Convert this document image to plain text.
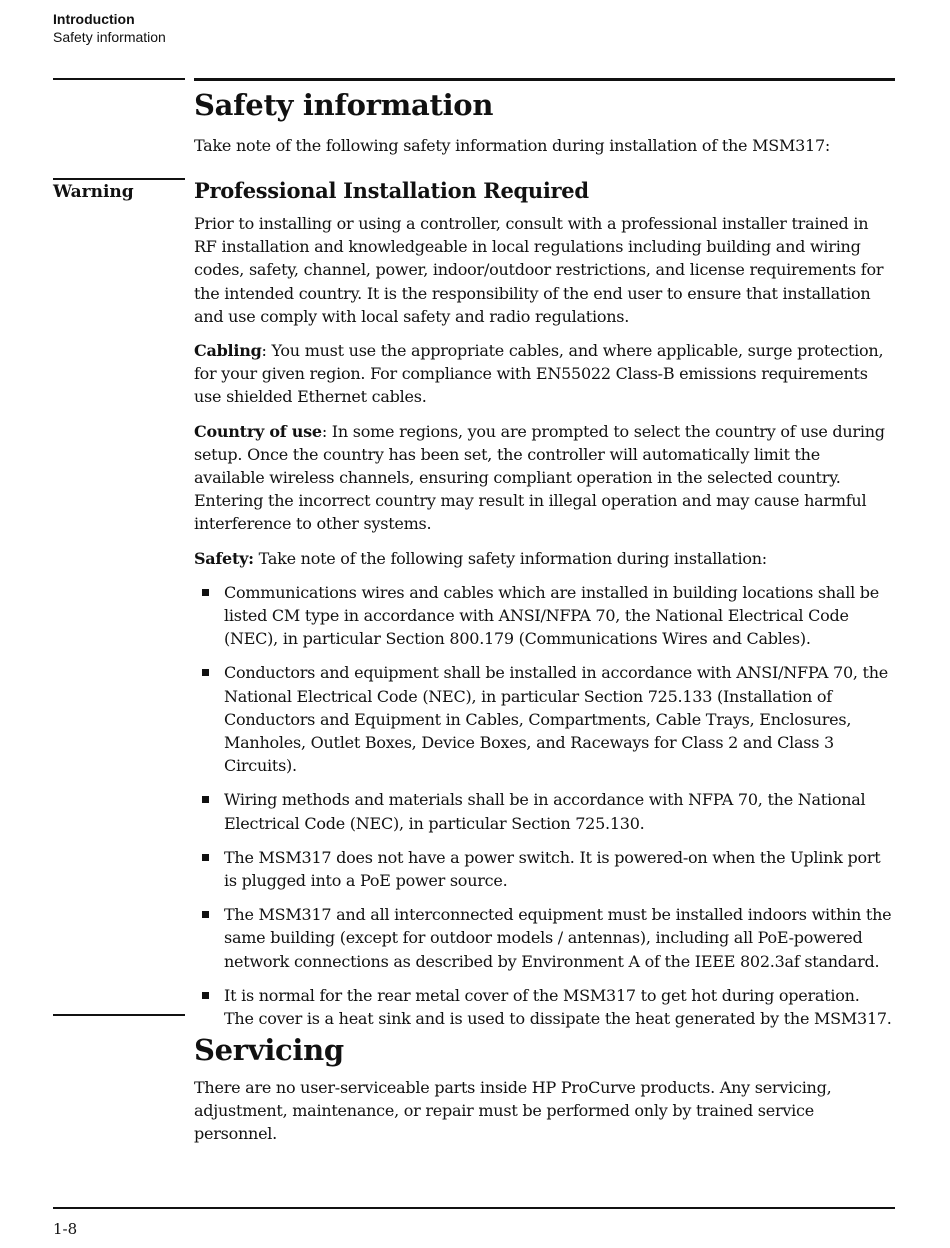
Introduction
Safety information
Safety information

Take note of the following safety information during installation of the MSM317:

Warning	Professional Installation Required

Prior to installing or using a controller, consult with a professional installer trained in RF installation and knowledgeable in local regulations including building and wiring codes, safety, channel, power, indoor/outdoor restrictions, and license requirements for the intended country. It is the responsibility of the end user to ensure that installation and use comply with local safety and radio regulations.

Cabling: You must use the appropriate cables, and where applicable, surge protection, for your given region. For compliance with EN55022 Class-B emissions requirements use shielded Ethernet cables.

Country of use: In some regions, you are prompted to select the country of use during setup. Once the country has been set, the controller will automatically limit the available wireless channels, ensuring compliant operation in the selected country. Entering the incorrect country may result in illegal operation and may cause harmful interference to other systems.

Safety: Take note of the following safety information during installation:

Communications wires and cables which are installed in building locations shall be listed CM type in accordance with ANSI/NFPA 70, the National Electrical Code (NEC), in particular Section 800.179 (Communications Wires and Cables).
Conductors and equipment shall be installed in accordance with ANSI/NFPA 70, the National Electrical Code (NEC), in particular Section 725.133 (Installation of Conductors and Equipment in Cables, Compartments, Cable Trays, Enclosures, Manholes, Outlet Boxes, Device Boxes, and Raceways for Class 2 and Class 3 Circuits).
Wiring methods and materials shall be in accordance with NFPA 70, the National Electrical Code (NEC), in particular Section 725.130.
The MSM317 does not have a power switch. It is powered-on when the Uplink port is plugged into a PoE power source.
The MSM317 and all interconnected equipment must be installed indoors within the same building (except for outdoor models / antennas), including all PoE-powered network connections as described by Environment A of the IEEE 802.3af standard.
It is normal for the rear metal cover of the MSM317 to get hot during operation. The cover is a heat sink and is used to dissipate the heat generated by the MSM317.
Servicing

There are no user-serviceable parts inside HP ProCurve products. Any servicing, adjustment, maintenance, or repair must be performed only by trained service personnel.

1-8
